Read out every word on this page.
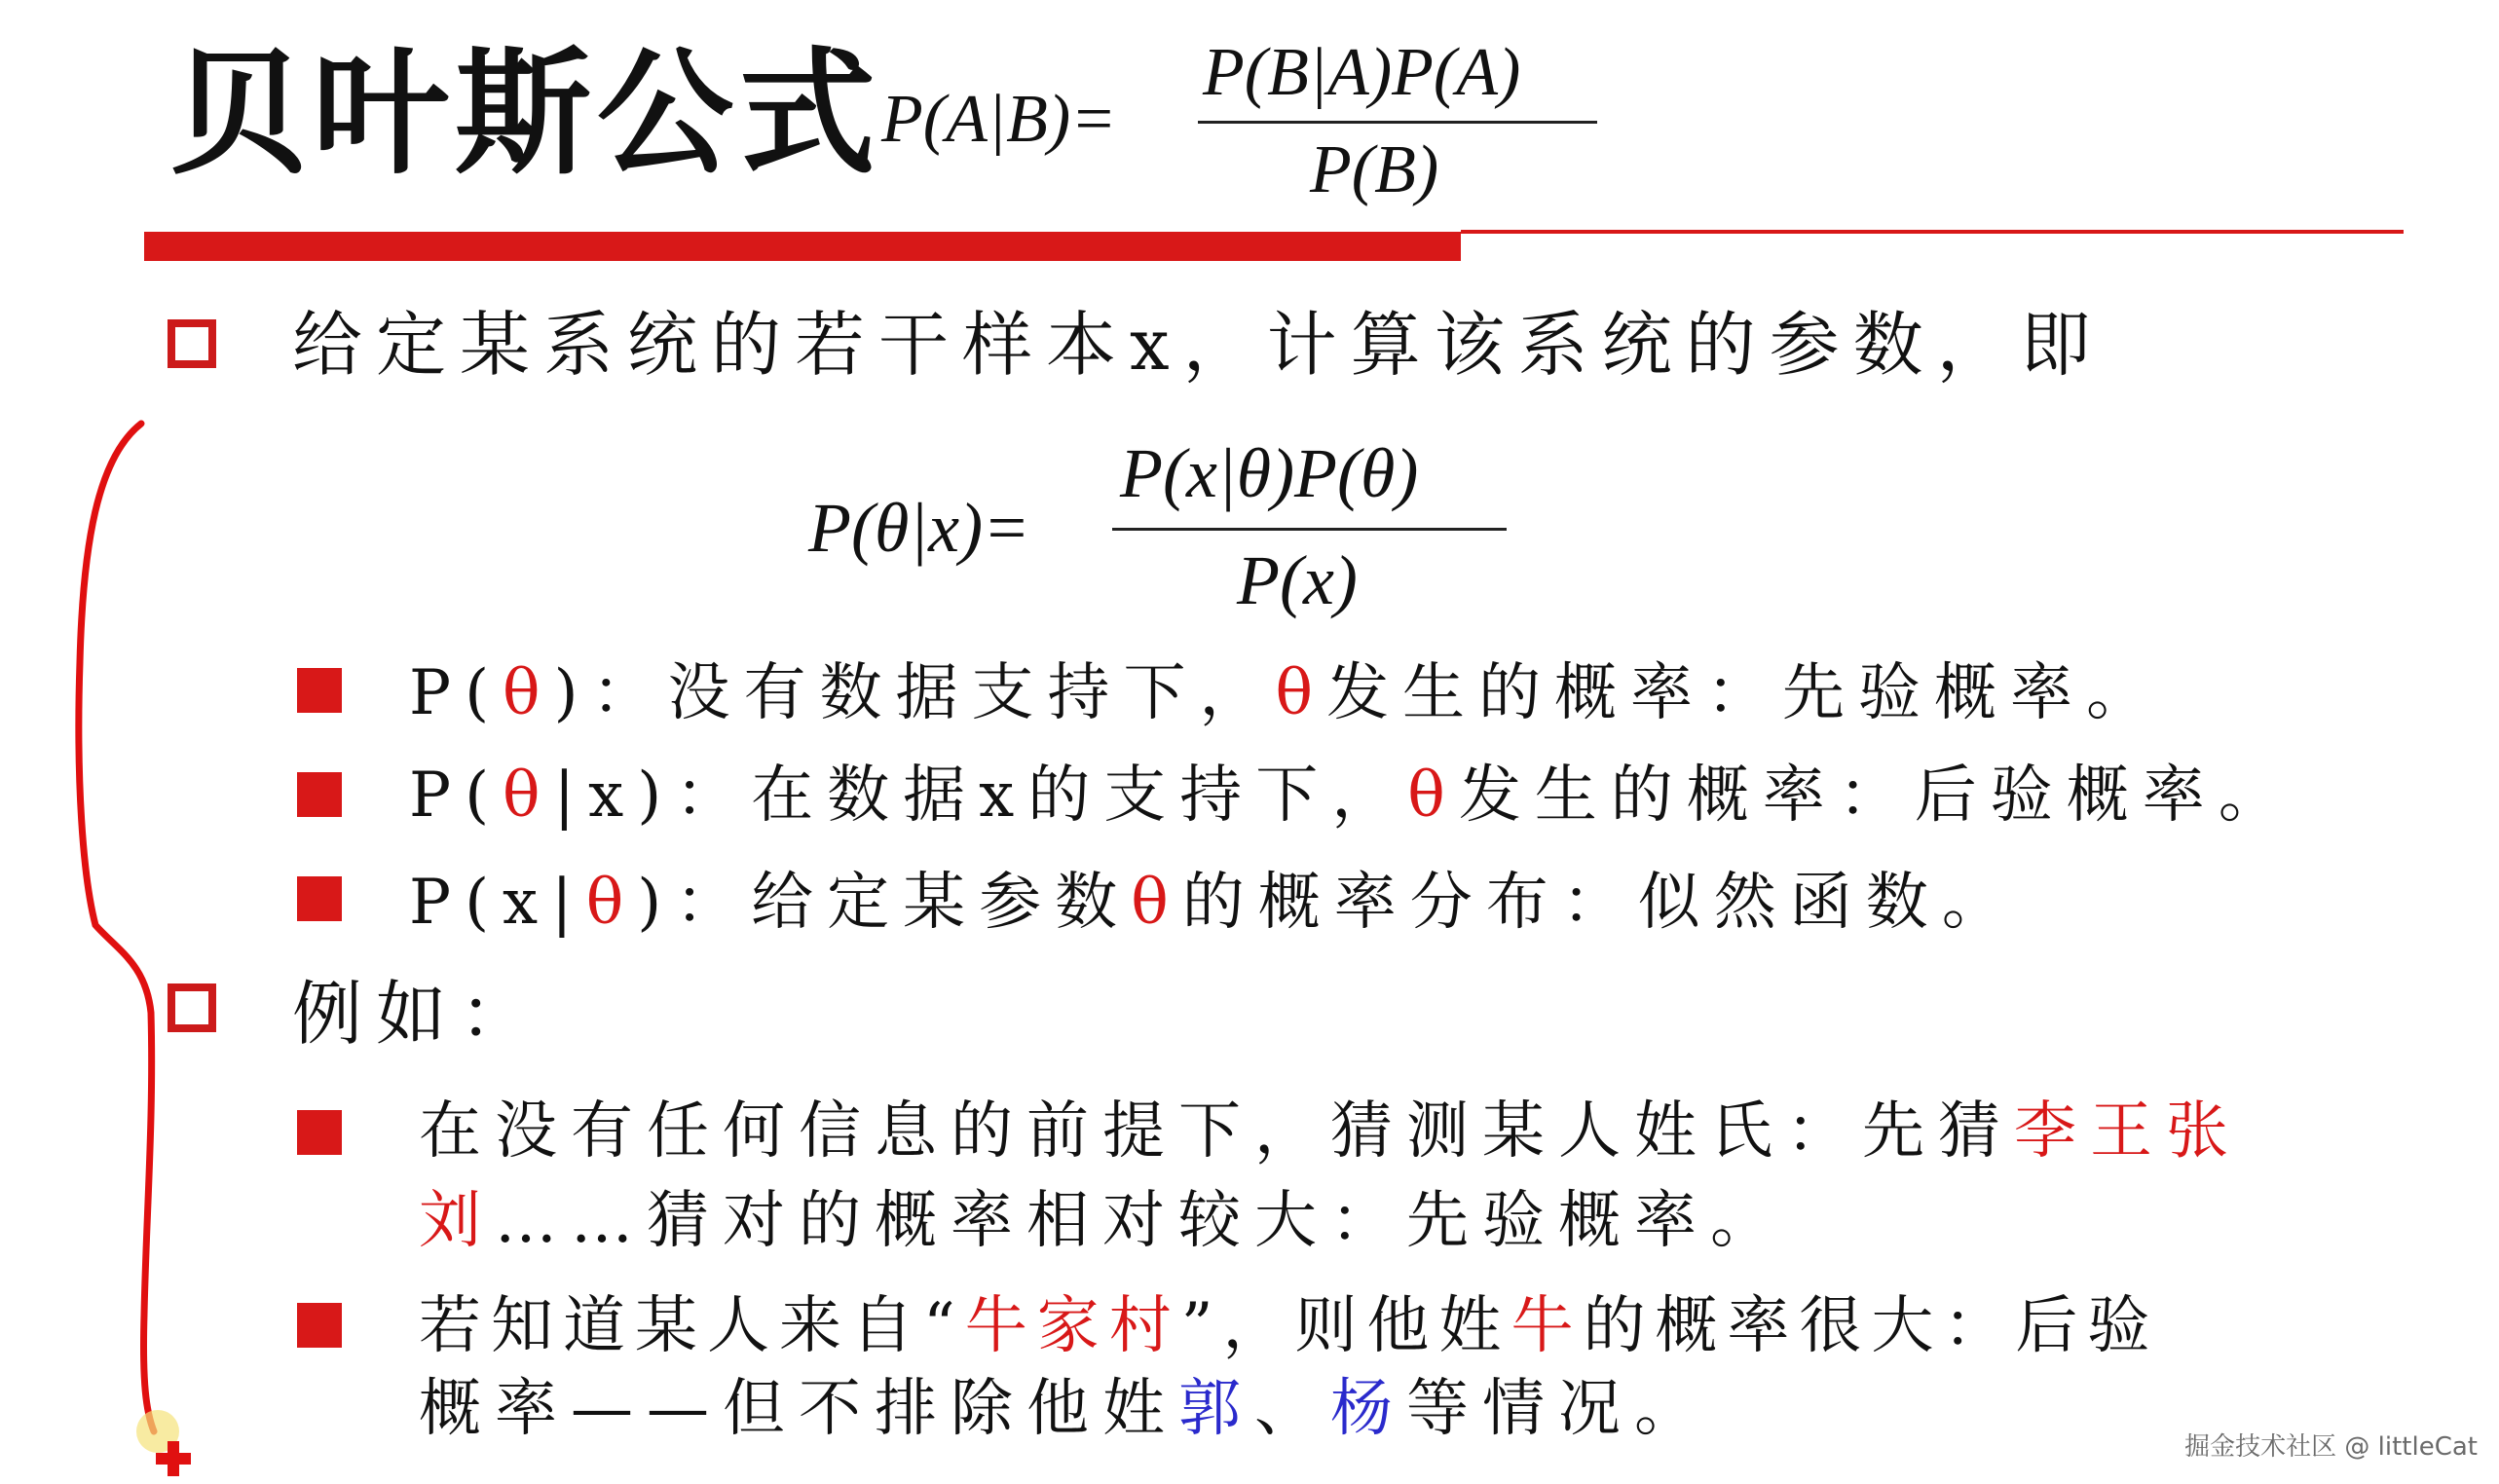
贝叶斯公式 P(A|B)=
P(B|A)P(A)
P(B)
给定某系统的若干样本x，计算该系统的参数，即
P(θ|x)=
P(x|θ)P(θ)
P(x)
P(θ)：没有数据支持下，θ发生的概率：先验概率。
P(θ|x)：在数据x的支持下，θ发生的概率：后验概率。
P(x|θ)：给定某参数θ的概率分布：似然函数。
例如：
在没有任何信息的前提下，猜测某人姓氏：先猜李王张
刘……猜对的概率相对较大：先验概率。
若知道某人来自“牛家村”，则他姓牛的概率很大：后验
概率——但不排除他姓郭、杨等情况。
掘金技术社区 @ littleCat
